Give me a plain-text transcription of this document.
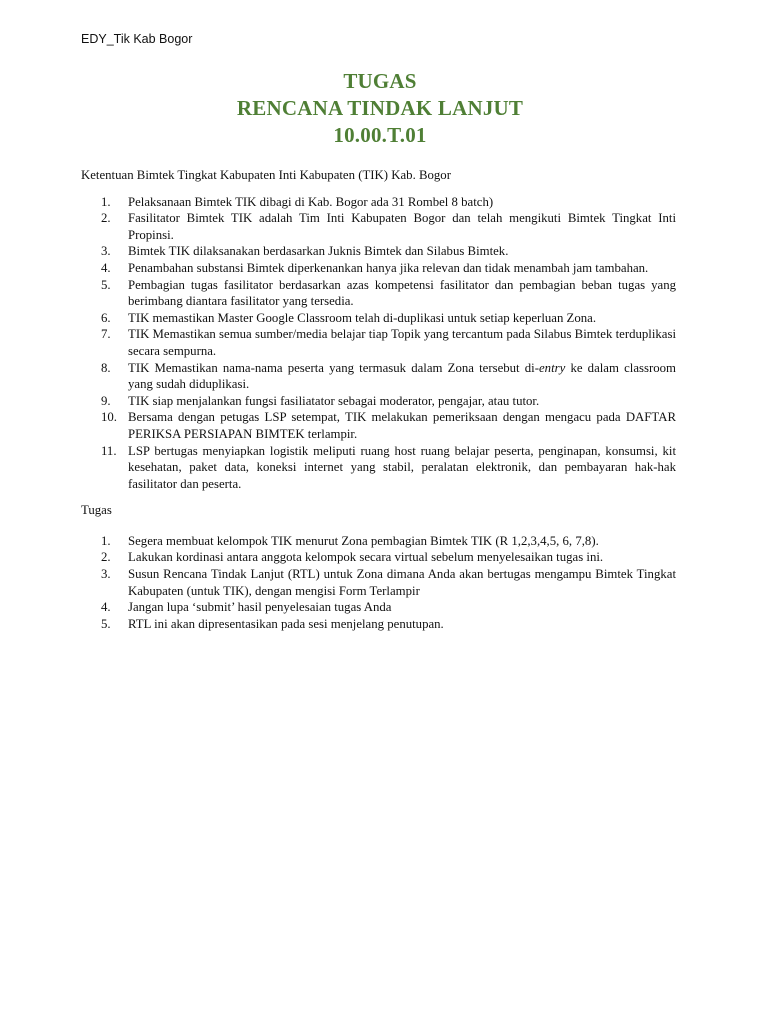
EDY_Tik Kab Bogor
TUGAS
RENCANA TINDAK LANJUT
10.00.T.01

Ketentuan Bimtek Tingkat Kabupaten Inti Kabupaten (TIK) Kab. Bogor

1. Pelaksanaan Bimtek TIK dibagi di Kab. Bogor ada 31 Rombel 8 batch)
2. Fasilitator Bimtek TIK adalah Tim Inti Kabupaten Bogor dan telah mengikuti Bimtek Tingkat Inti Propinsi.
3. Bimtek TIK dilaksanakan berdasarkan Juknis Bimtek dan Silabus Bimtek.
4. Penambahan substansi Bimtek diperkenankan hanya jika relevan dan tidak menambah jam tambahan.
5. Pembagian tugas fasilitator berdasarkan azas kompetensi fasilitator dan pembagian beban tugas yang berimbang diantara fasilitator yang tersedia.
6. TIK memastikan Master Google Classroom telah di-duplikasi untuk setiap keperluan Zona.
7. TIK Memastikan semua sumber/media belajar tiap Topik yang tercantum pada Silabus Bimtek terduplikasi secara sempurna.
8. TIK Memastikan nama-nama peserta yang termasuk dalam Zona tersebut di-entry ke dalam classroom yang sudah diduplikasi.
9. TIK siap menjalankan fungsi fasiliatator sebagai moderator, pengajar, atau tutor.
10. Bersama dengan petugas LSP setempat, TIK melakukan pemeriksaan dengan mengacu pada DAFTAR PERIKSA PERSIAPAN BIMTEK terlampir.
11. LSP bertugas menyiapkan logistik meliputi ruang host ruang belajar peserta, penginapan, konsumsi, kit kesehatan, paket data, koneksi internet yang stabil, peralatan elektronik, dan pembayaran hak-hak fasilitator dan peserta.

Tugas

1. Segera membuat kelompok TIK menurut Zona pembagian Bimtek TIK (R 1,2,3,4,5, 6, 7,8).
2. Lakukan kordinasi antara anggota kelompok secara virtual sebelum menyelesaikan tugas ini.
3. Susun Rencana Tindak Lanjut (RTL) untuk Zona dimana Anda akan bertugas mengampu Bimtek Tingkat Kabupaten (untuk TIK), dengan mengisi Form Terlampir
4. Jangan lupa ‘submit’ hasil penyelesaian tugas Anda
5. RTL ini akan dipresentasikan pada sesi menjelang penutupan.
